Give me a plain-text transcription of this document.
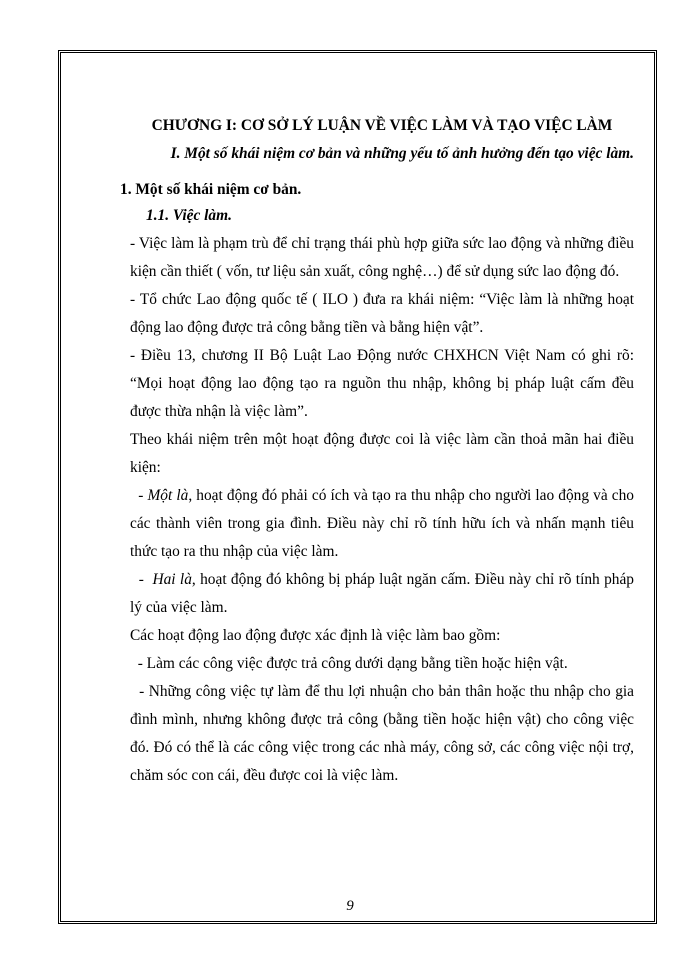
CHƯƠNG I: CƠ SỞ LÝ LUẬN VỀ VIỆC LÀM VÀ TẠO VIỆC LÀM
I. Một số khái niệm cơ bản và những yếu tố ảnh hưởng đến tạo việc làm.
1. Một số khái niệm cơ bản.
1.1. Việc làm.

- Việc làm là phạm trù để chỉ trạng thái phù hợp giữa sức lao động và những điều kiện cần thiết ( vốn, tư liệu sản xuất, công nghệ…) để sử dụng sức lao động đó.

- Tổ chức Lao động quốc tế ( ILO ) đưa ra khái niệm: “Việc làm là những hoạt động lao động được trả công bằng tiền và bằng hiện vật”.

- Điều 13, chương II Bộ Luật Lao Động nước CHXHCN Việt Nam có ghi rõ: “Mọi hoạt động lao động tạo ra nguồn thu nhập, không bị pháp luật cấm đều được thừa nhận là việc làm”.

Theo khái niệm trên một hoạt động được coi là việc làm cần thoả mãn hai điều kiện:

- Một là, hoạt động đó phải có ích và tạo ra thu nhập cho người lao động và cho các thành viên trong gia đình. Điều này chỉ rõ tính hữu ích và nhấn mạnh tiêu thức tạo ra thu nhập của việc làm.

-  Hai là, hoạt động đó không bị pháp luật ngăn cấm. Điều này chỉ rõ tính pháp lý của việc làm.

Các hoạt động lao động được xác định là việc làm bao gồm:

- Làm các công việc được trả công dưới dạng bằng tiền hoặc hiện vật.

- Những công việc tự làm để thu lợi nhuận cho bản thân hoặc thu nhập cho gia đình mình, nhưng không được trả công (bằng tiền hoặc hiện vật) cho công việc đó. Đó có thể là các công việc trong các nhà máy, công sở, các công việc nội trợ, chăm sóc con cái, đều được coi là việc làm.

9
